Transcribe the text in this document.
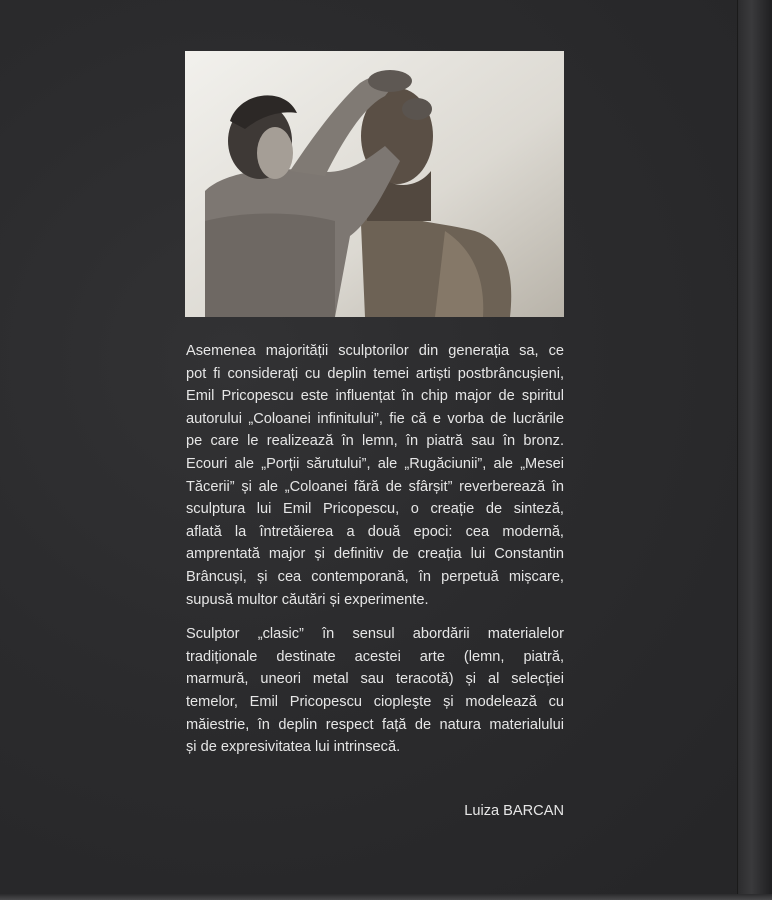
Asemenea majorității sculptorilor din generația sa, ce
pot fi considerați cu deplin temei artiști postbrâncușieni,
Emil Pricopescu este influențat în chip major de spiritul
autorului „Coloanei infinitului”, fie că e vorba de lucrările
pe care le realizează în lemn, în piatră sau în bronz.
Ecouri ale „Porții sărutului”, ale „Rugăciunii”, ale „Mesei
Tăcerii” și ale „Coloanei fără de sfârșit” reverberează în
sculptura lui Emil Pricopescu, o creație de sinteză,
aflată la întretăierea a două epoci: cea modernă,
amprentată major și definitiv de creația lui Constantin
Brâncuși, și cea contemporană, în perpetuă mișcare,
supusă multor căutări și experimente.
Sculptor „clasic” în sensul abordării materialelor
tradiționale destinate acestei arte (lemn, piatră,
marmură, uneori metal sau teracotă) și al selecției
temelor, Emil Pricopescu ciopleşte și modelează cu
măiestrie, în deplin respect față de natura materialului
și de expresivitatea lui intrinsecă.
Luiza BARCAN
